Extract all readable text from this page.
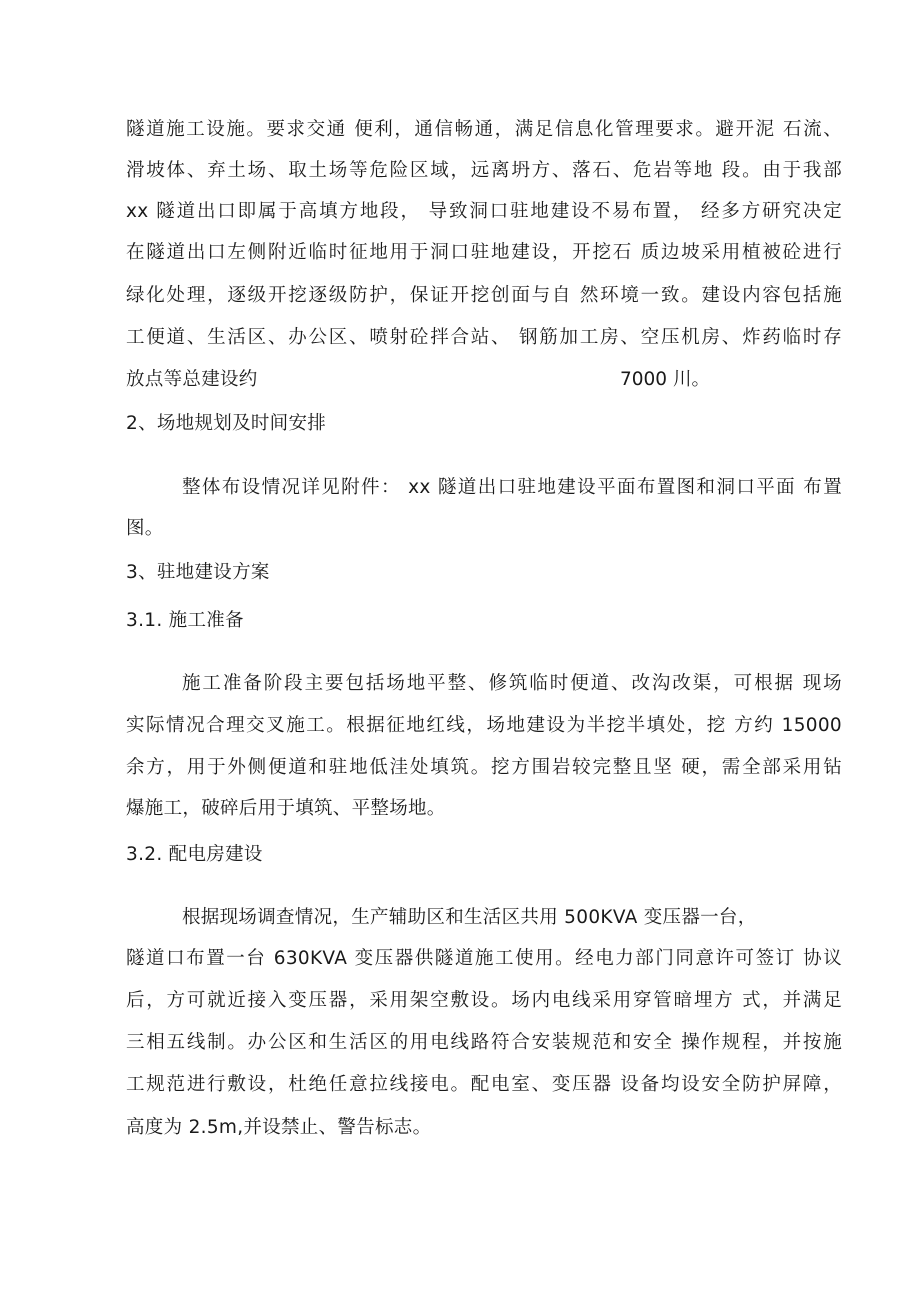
隧道施工设施。要求交通 便利，通信畅通，满足信息化管理要求。避开泥 石流、
滑坡体、弃土场、取土场等危险区域，远离坍方、落石、危岩等地 段。由于我部
xx 隧道出口即属于高填方地段， 导致洞口驻地建设不易布置， 经多方研究决定
在隧道出口左侧附近临时征地用于洞口驻地建设，开挖石 质边坡采用植被砼进行
绿化处理，逐级开挖逐级防护，保证开挖创面与自 然环境一致。建设内容包括施
工便道、生活区、办公区、喷射砼拌合站、 钢筋加工房、空压机房、炸药临时存
放点等总建设约	7000 川。
2、场地规划及时间安排
整体布设情况详见附件： xx 隧道出口驻地建设平面布置图和洞口平面 布置
图。
3、驻地建设方案
3.1. 施工准备
施工准备阶段主要包括场地平整、修筑临时便道、改沟改渠，可根据 现场
实际情况合理交叉施工。根据征地红线，场地建设为半挖半填处，挖 方约 15000
余方，用于外侧便道和驻地低洼处填筑。挖方围岩较完整且坚 硬，需全部采用钻
爆施工，破碎后用于填筑、平整场地。
3.2. 配电房建设
根据现场调查情况，生产辅助区和生活区共用 500KVA 变压器一台，
隧道口布置一台 630KVA 变压器供隧道施工使用。经电力部门同意许可签订 协议
后，方可就近接入变压器，采用架空敷设。场内电线采用穿管暗埋方 式，并满足
三相五线制。办公区和生活区的用电线路符合安装规范和安全 操作规程，并按施
工规范进行敷设，杜绝任意拉线接电。配电室、变压器 设备均设安全防护屏障，
高度为 2.5m,并设禁止、警告标志。
